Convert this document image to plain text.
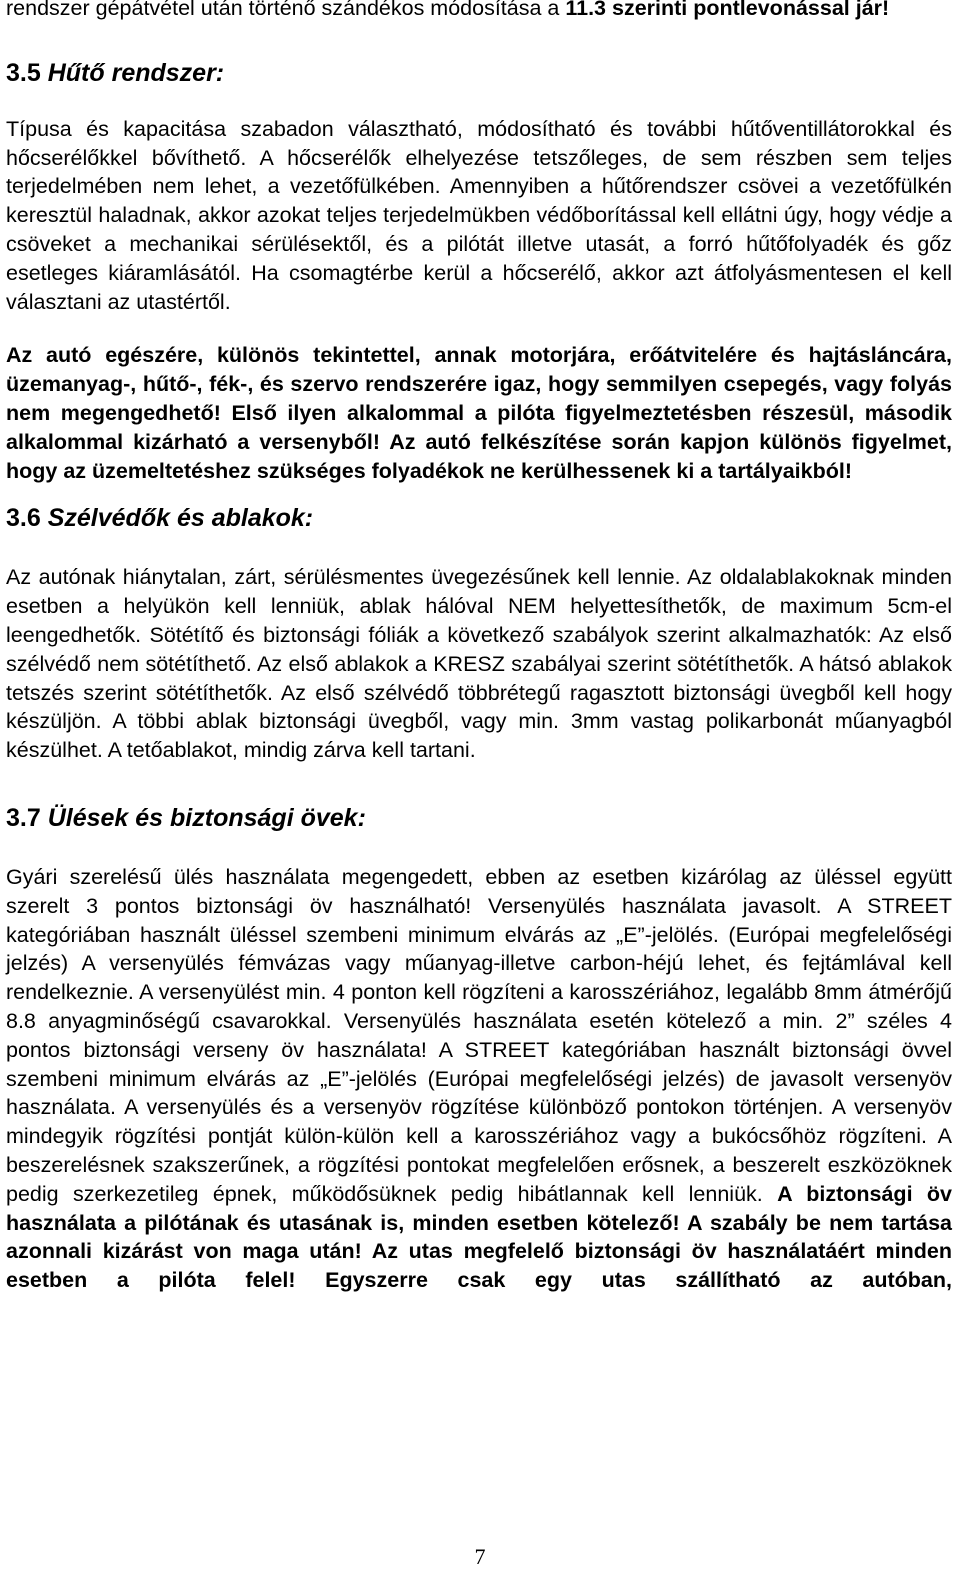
rendszer gépátvétel után történő szándékos módosítása a 11.3 szerinti pontlevonással jár!

3.5 Hűtő rendszer:

Típusa és kapacitása szabadon választható, módosítható és további hűtőventillátorokkal és hőcserélőkkel bővíthető. A hőcserélők elhelyezése tetszőleges, de sem részben sem teljes terjedelmében nem lehet, a vezetőfülkében. Amennyiben a hűtőrendszer csövei a vezetőfülkén keresztül haladnak, akkor azokat teljes terjedelmükben védőborítással kell ellátni úgy, hogy védje a csöveket a mechanikai sérülésektől, és a pilótát illetve utasát, a forró hűtőfolyadék és gőz esetleges kiáramlásától. Ha csomagtérbe kerül a hőcserélő, akkor azt átfolyásmentesen el kell választani az utastértől.

Az autó egészére, különös tekintettel, annak motorjára, erőátvitelére és hajtásláncára, üzemanyag-, hűtő-, fék-, és szervo rendszerére igaz, hogy semmilyen csepegés, vagy folyás nem megengedhető! Első ilyen alkalommal a pilóta figyelmeztetésben részesül, második alkalommal kizárható a versenyből! Az autó felkészítése során kapjon különös figyelmet, hogy az üzemeltetéshez szükséges folyadékok ne kerülhessenek ki a tartályaikból!

3.6 Szélvédők és ablakok:

Az autónak hiánytalan, zárt, sérülésmentes üvegezésűnek kell lennie. Az oldalablakoknak minden esetben a helyükön kell lenniük, ablak hálóval NEM helyettesíthetők, de maximum 5cm-el leengedhetők. Sötétítő és biztonsági fóliák a következő szabályok szerint alkalmazhatók: Az első szélvédő nem sötétíthető. Az első ablakok a KRESZ szabályai szerint sötétíthetők. A hátsó ablakok tetszés szerint sötétíthetők. Az első szélvédő többrétegű ragasztott biztonsági üvegből kell hogy készüljön. A többi ablak biztonsági üvegből, vagy min. 3mm vastag polikarbonát műanyagból készülhet. A tetőablakot, mindig zárva kell tartani.

3.7 Ülések és biztonsági övek:

Gyári szerelésű ülés használata megengedett, ebben az esetben kizárólag az üléssel együtt szerelt 3 pontos biztonsági öv használható! Versenyülés használata javasolt. A STREET kategóriában használt üléssel szembeni minimum elvárás az „E”-jelölés. (Európai megfelelőségi jelzés) A versenyülés fémvázas vagy műanyag-illetve carbon-héjú lehet, és fejtámlával kell rendelkeznie. A versenyülést min. 4 ponton kell rögzíteni a karosszériához, legalább 8mm átmérőjű 8.8 anyagminőségű csavarokkal. Versenyülés használata esetén kötelező a min. 2” széles 4 pontos biztonsági verseny öv használata! A STREET kategóriában használt biztonsági övvel szembeni minimum elvárás az „E”-jelölés (Európai megfelelőségi jelzés) de javasolt versenyöv használata. A versenyülés és a versenyöv rögzítése különböző pontokon történjen. A versenyöv mindegyik rögzítési pontját külön-külön kell a karosszériához vagy a bukócsőhöz rögzíteni. A beszerelésnek szakszerűnek, a rögzítési pontokat megfelelően erősnek, a beszerelt eszközöknek pedig szerkezetileg épnek, működősüknek pedig hibátlannak kell lenniük. A biztonsági öv használata a pilótának és utasának is, minden esetben kötelező! A szabály be nem tartása azonnali kizárást von maga után! Az utas megfelelő biztonsági öv használatáért minden esetben a pilóta felel! Egyszerre csak egy utas szállítható az autóban,

7
